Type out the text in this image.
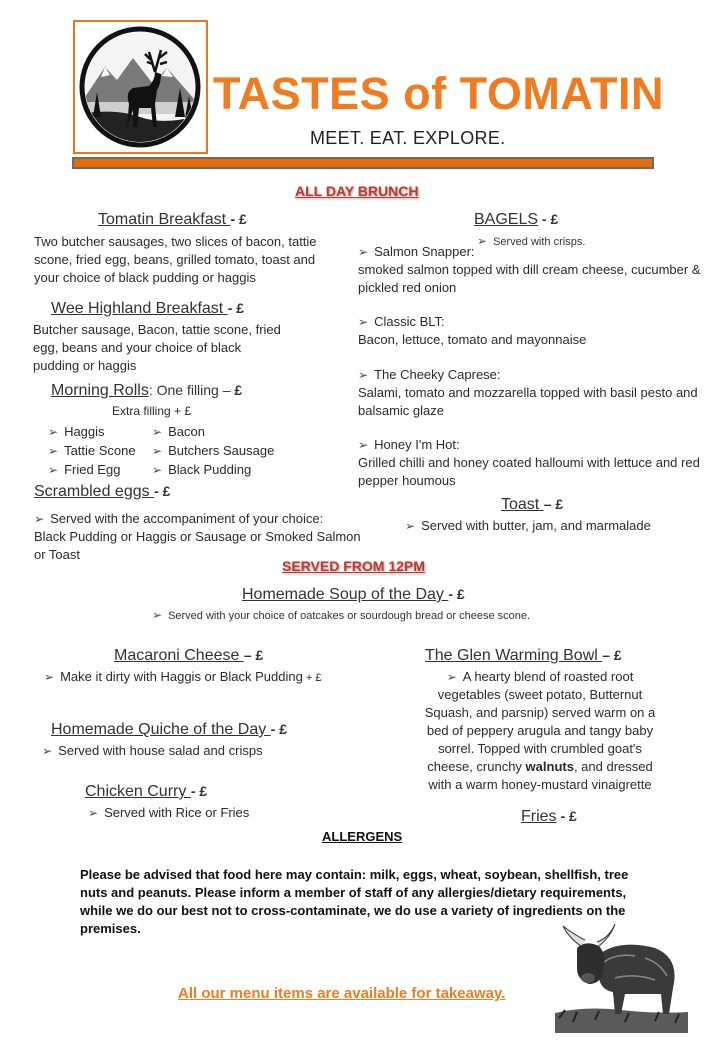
TASTES of TOMATIN
MEET. EAT. EXPLORE.
ALL DAY BRUNCH
Tomatin Breakfast - £
Two butcher sausages, two slices of bacon, tattie scone, fried egg, beans, grilled tomato, toast and your choice of black pudding or haggis
Wee Highland Breakfast - £
Butcher sausage, Bacon, tattie scone, fried egg, beans and your choice of black pudding or haggis
Morning Rolls: One filling – £
Extra filling + £
➢ Haggis	➢ Bacon
➢ Tattie Scone	➢ Butchers Sausage
➢ Fried Egg	➢ Black Pudding
Scrambled eggs - £
➢ Served with the accompaniment of your choice:
Black Pudding or Haggis or Sausage or Smoked Salmon or Toast
BAGELS - £
➢ Served with crisps.
➢ Salmon Snapper:
smoked salmon topped with dill cream cheese, cucumber & pickled red onion
➢ Classic BLT:
Bacon, lettuce, tomato and mayonnaise
➢ The Cheeky Caprese:
Salami, tomato and mozzarella topped with basil pesto and balsamic glaze
➢ Honey I'm Hot:
Grilled chilli and honey coated halloumi with lettuce and red pepper houmous
Toast – £
➢ Served with butter, jam, and marmalade
SERVED FROM 12PM
Homemade Soup of the Day - £
➢ Served with your choice of oatcakes or sourdough bread or cheese scone.
Macaroni Cheese – £
➢ Make it dirty with Haggis or Black Pudding + £
Homemade Quiche of the Day - £
➢ Served with house salad and crisps
Chicken Curry - £
➢ Served with Rice or Fries
The Glen Warming Bowl – £
➢ A hearty blend of roasted root vegetables (sweet potato, Butternut Squash, and parsnip) served warm on a bed of peppery arugula and tangy baby sorrel. Topped with crumbled goat's cheese, crunchy walnuts, and dressed with a warm honey-mustard vinaigrette
Fries - £
ALLERGENS
Please be advised that food here may contain: milk, eggs, wheat, soybean, shellfish, tree nuts and peanuts. Please inform a member of staff of any allergies/dietary requirements, while we do our best not to cross-contaminate, we do use a variety of ingredients on the premises.
All our menu items are available for takeaway.
